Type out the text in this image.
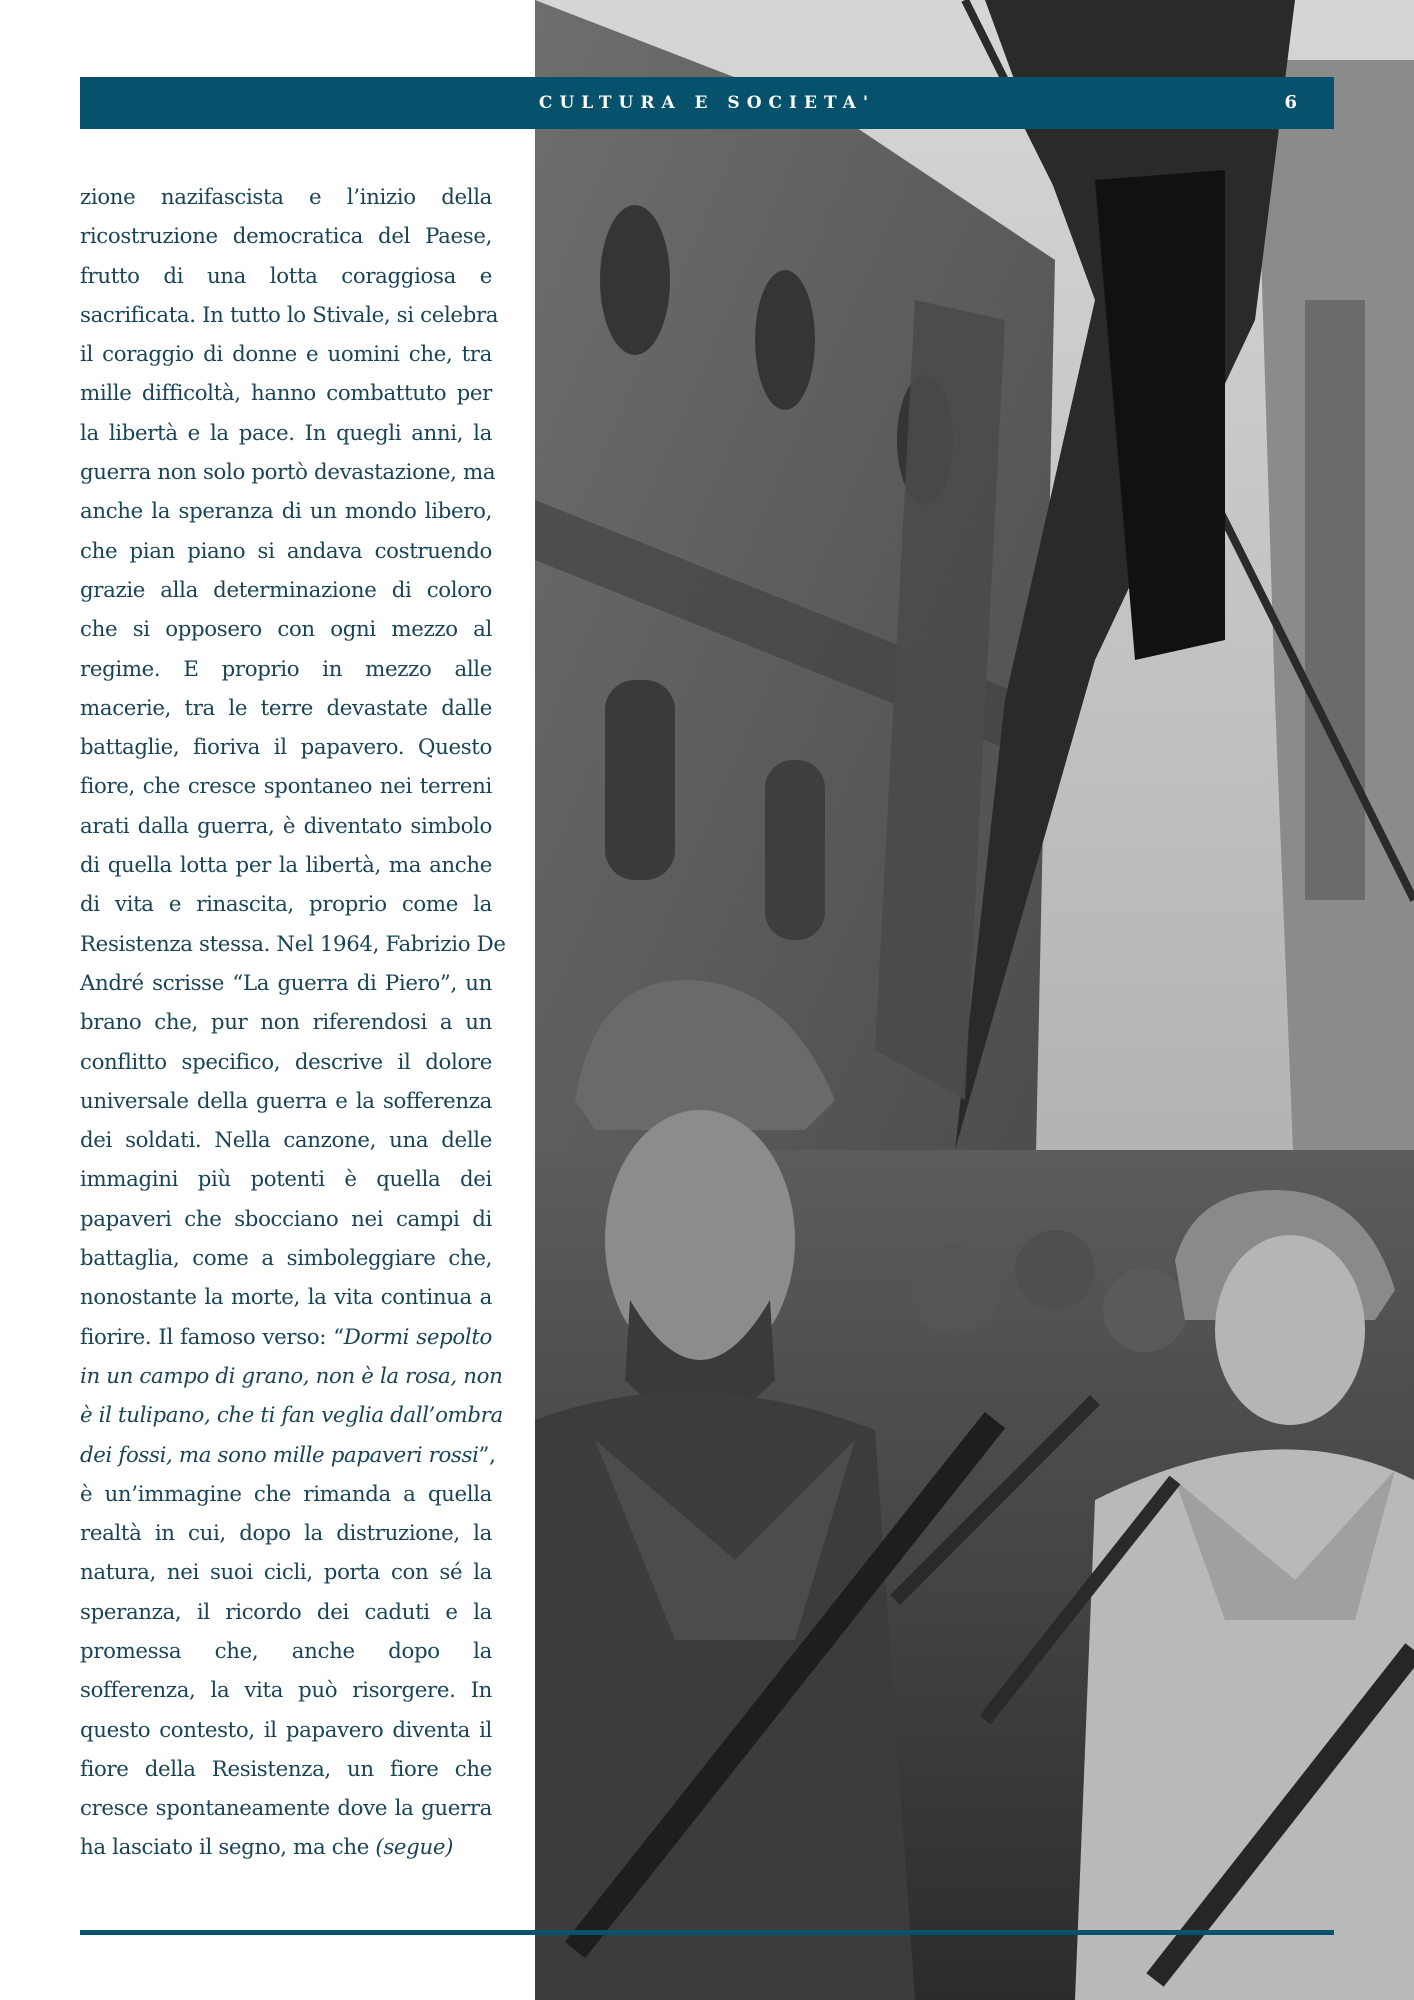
CULTURA E SOCIETA'	6

zione nazifascista e l’inizio della
ricostruzione democratica del Paese,
frutto di una lotta coraggiosa e
sacrificata. In tutto lo Stivale, si celebra
il coraggio di donne e uomini che, tra
mille difficoltà, hanno combattuto per
la libertà e la pace. In quegli anni, la
guerra non solo portò devastazione, ma
anche la speranza di un mondo libero,
che pian piano si andava costruendo
grazie alla determinazione di coloro
che si opposero con ogni mezzo al
regime. E proprio in mezzo alle
macerie, tra le terre devastate dalle
battaglie, fioriva il papavero. Questo
fiore, che cresce spontaneo nei terreni
arati dalla guerra, è diventato simbolo
di quella lotta per la libertà, ma anche
di vita e rinascita, proprio come la
Resistenza stessa. Nel 1964, Fabrizio De
André scrisse “La guerra di Piero”, un
brano che, pur non riferendosi a un
conflitto specifico, descrive il dolore
universale della guerra e la sofferenza
dei soldati. Nella canzone, una delle
immagini più potenti è quella dei
papaveri che sbocciano nei campi di
battaglia, come a simboleggiare che,
nonostante la morte, la vita continua a
fiorire. Il famoso verso: “Dormi sepolto
in un campo di grano, non è la rosa, non
è il tulipano, che ti fan veglia dall’ombra
dei fossi, ma sono mille papaveri rossi”,
è un’immagine che rimanda a quella
realtà in cui, dopo la distruzione, la
natura, nei suoi cicli, porta con sé la
speranza, il ricordo dei caduti e la
promessa che, anche dopo la
sofferenza, la vita può risorgere. In
questo contesto, il papavero diventa il
fiore della Resistenza, un fiore che
cresce spontaneamente dove la guerra
ha lasciato il segno, ma che (segue)
